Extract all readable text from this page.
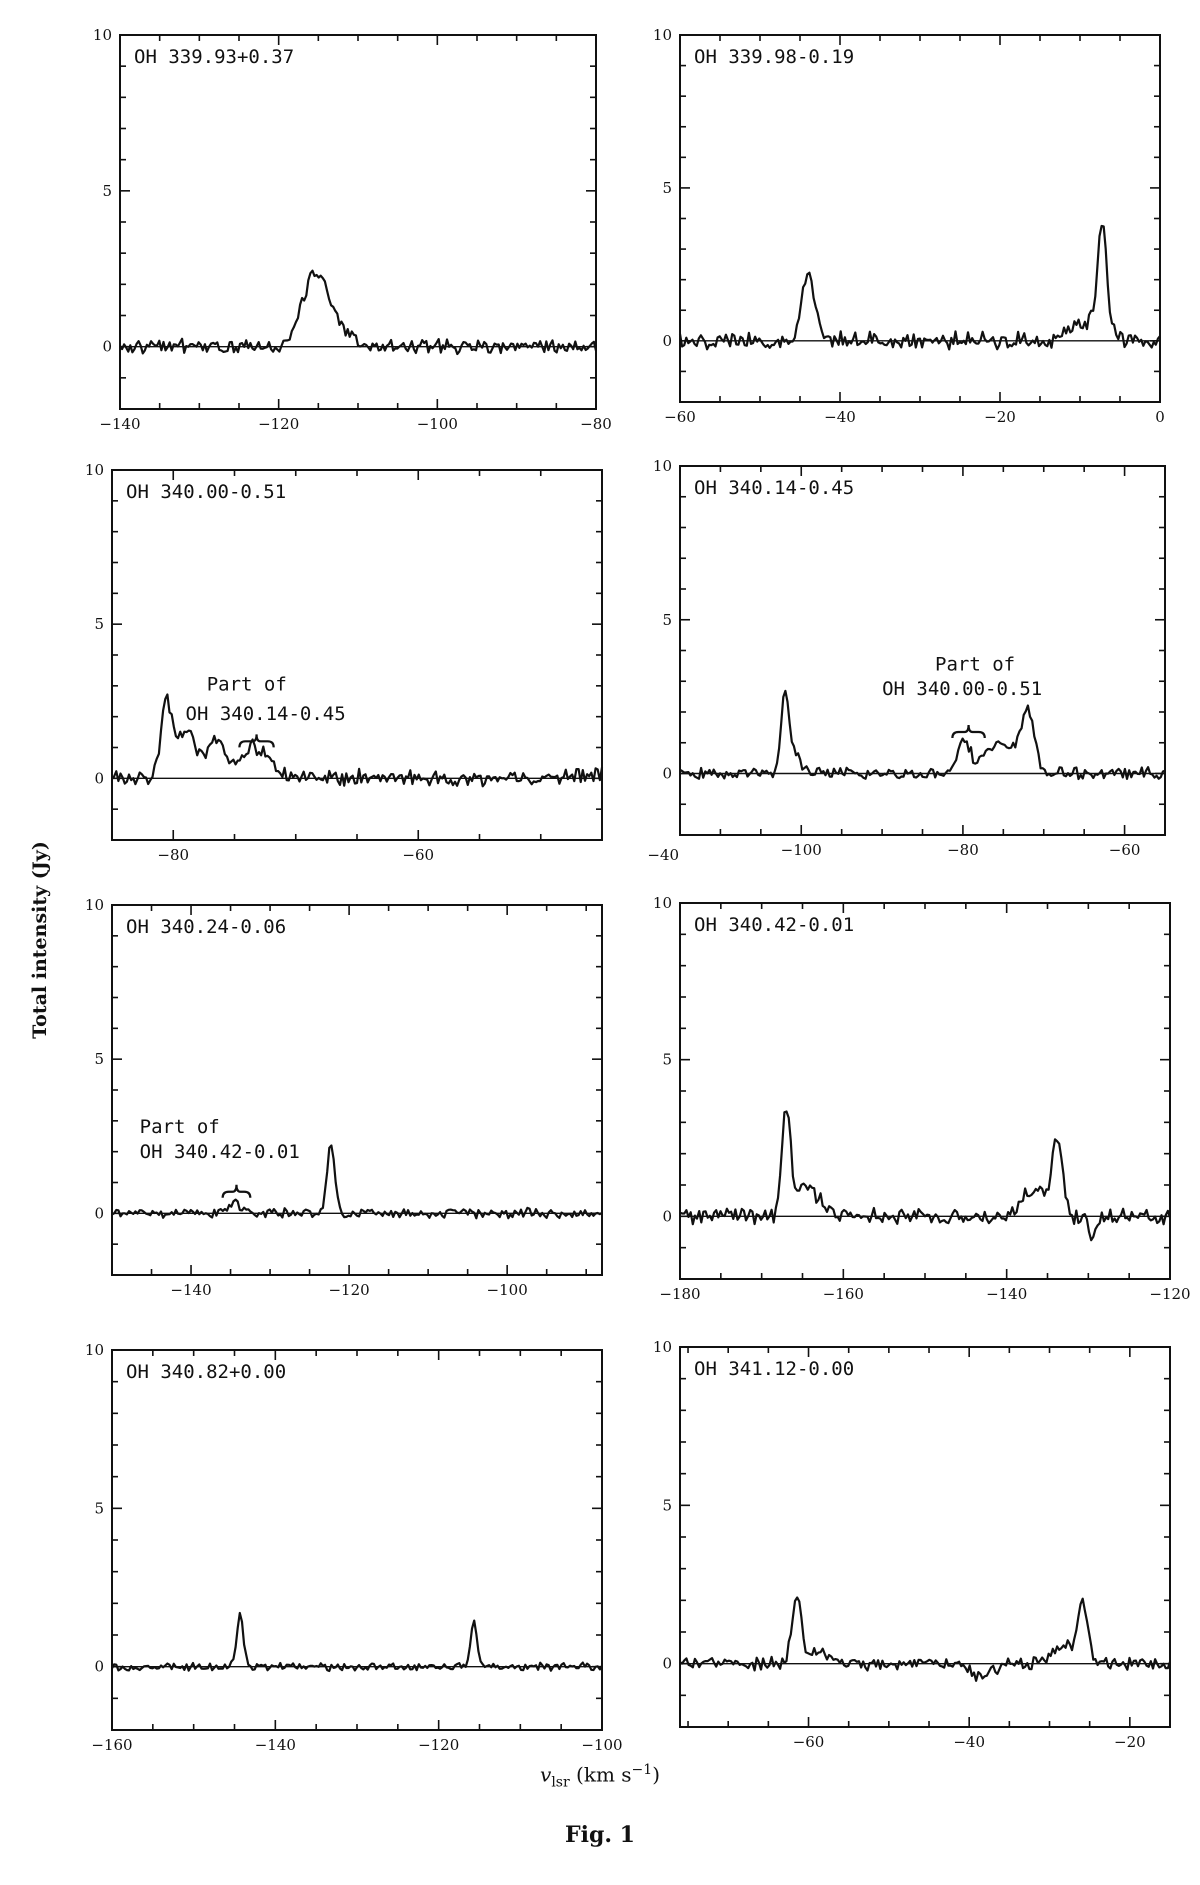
−140	−120	−100	−80
0
5
10
OH 339.93+0.37
−60	−40	−20	0
0
5
10
OH 339.98-0.19
−80	−60	−40
0
5
10
OH 340.00-0.51
Part of
OH 340.14-0.45
−100	−80	−60
0
5
10
OH 340.14-0.45
Part of
OH 340.00-0.51
−140	−120	−100
0
5
10
OH 340.24-0.06
Part of
OH 340.42-0.01
−180	−160	−140	−120
0
5
10
OH 340.42-0.01
−160	−140	−120	−100
0
5
10
OH 340.82+0.00
−60	−40	−20
0
5
10
OH 341.12-0.00
Total intensity (Jy)
$v_{lsr}$ (km $s^{-1}$)
Fig. 1
